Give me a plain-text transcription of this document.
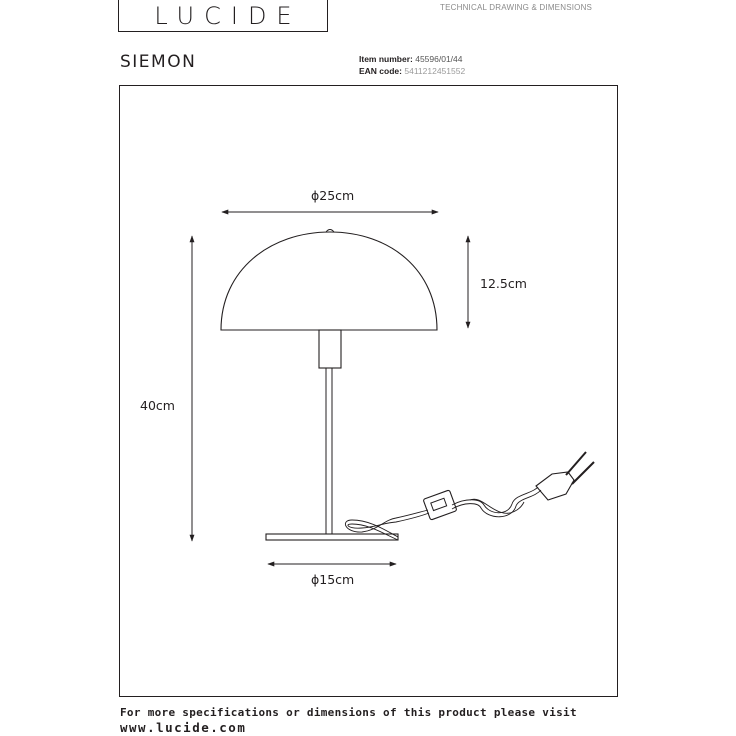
LUCIDE	TECHNICAL DRAWING & DIMENSIONS
SIEMON	Item number: 45596/01/44
EAN code: 5411212451552
ϕ25cm
12.5cm
40cm
ϕ15cm
For more specifications or dimensions of this product please visit
www.lucide.com
